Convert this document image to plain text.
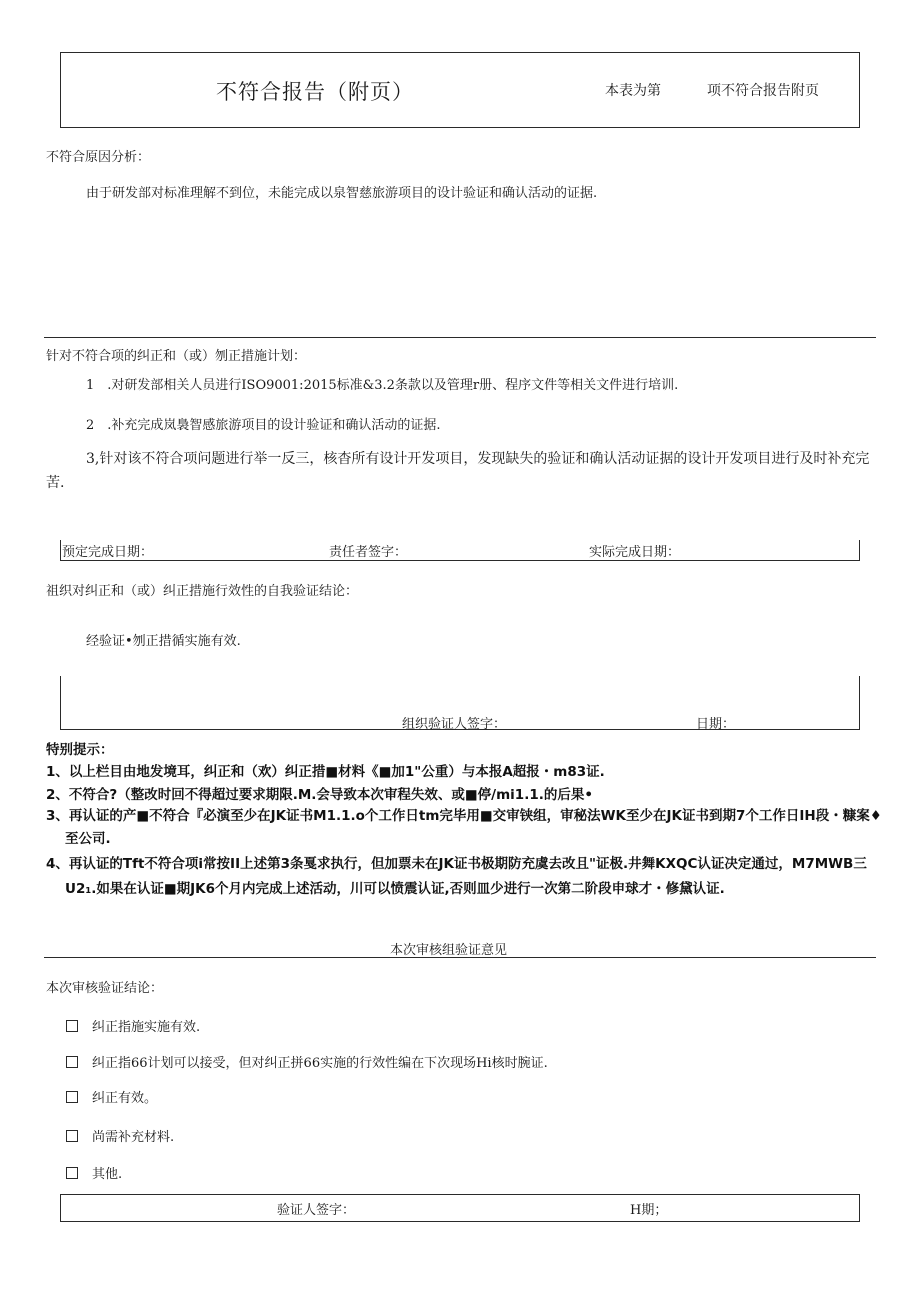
不符合报告（附页）	本表为第	项不符合报告附页
不符合原因分析：
由于研发部对标准理解不到位，未能完成以泉智慈旅游项目的设计验证和确认活动的证据.
针对不符合项的纠正和（或）刎正措施计划：
1　.对研发部相关人员进行ISO9001:2015标准&3.2条款以及管理r册、程序文件等相关文件进行培训.
2　.补充完成岚裊智感旅游项目的设计验证和确认活动的证据.
3,针对该不符合项问题进行举一反三，核杳所有设计开发项目，发现缺失的验证和确认活动证据的设计开发项目进行及时补充完苦.
预定完成日期：	责任者签字：	实际完成日期：
祖织对纠正和（或）纠正措施行效性的自我验证结论：
经验证•刎正措循实施有效.
组织验证人签字：	日期：
特别提示：
1、以上栏目由地发境耳，纠正和（欢）纠正措■材料《■加1"公重）与本报A超报・m83证.
2、不符合?（整改时回不得超过要求期限.M.会导致本次审程失效、或■停/mi1.1.的后果•
3、再认证的产■不符合『必演至少在JK证书M1.1.o个工作日tm完毕用■交审铗组，审秘法WK至少在JK证书到期7个工作日IH段・糠案♦至公司.
4、再认证的Tft不符合项i常按II上述第3条戛求执行，但加票未在JK证书极期防充虞去改且"证极.井舞KXQC认证决定通过，M7MWB三U2₁.如果在认证■期JK6个月内完成上述活动，川可以愤震认证,否则皿少进行一次第二阶段申球才・修黛认证.
本次审核组验证意见
本次审核验证结论：
纠正指施实施有效.
纠正指66计划可以接受，但对纠正拼66实施的行效性编在下次现场Hi核时腕证.
纠正有效。
尚需补充材料.
其他.
验证人签字：	H期；
